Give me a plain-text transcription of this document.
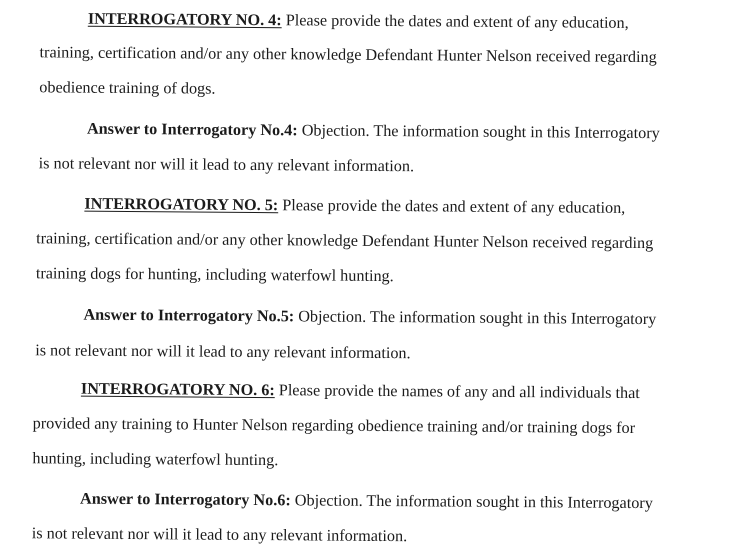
INTERROGATORY NO. 4: Please provide the dates and extent of any education,
training, certification and/or any other knowledge Defendant Hunter Nelson received regarding
obedience training of dogs.
Answer to Interrogatory No.4: Objection. The information sought in this Interrogatory
is not relevant nor will it lead to any relevant information.
INTERROGATORY NO. 5: Please provide the dates and extent of any education,
training, certification and/or any other knowledge Defendant Hunter Nelson received regarding
training dogs for hunting, including waterfowl hunting.
Answer to Interrogatory No.5: Objection. The information sought in this Interrogatory
is not relevant nor will it lead to any relevant information.
INTERROGATORY NO. 6: Please provide the names of any and all individuals that
provided any training to Hunter Nelson regarding obedience training and/or training dogs for
hunting, including waterfowl hunting.
Answer to Interrogatory No.6: Objection. The information sought in this Interrogatory
is not relevant nor will it lead to any relevant information.
